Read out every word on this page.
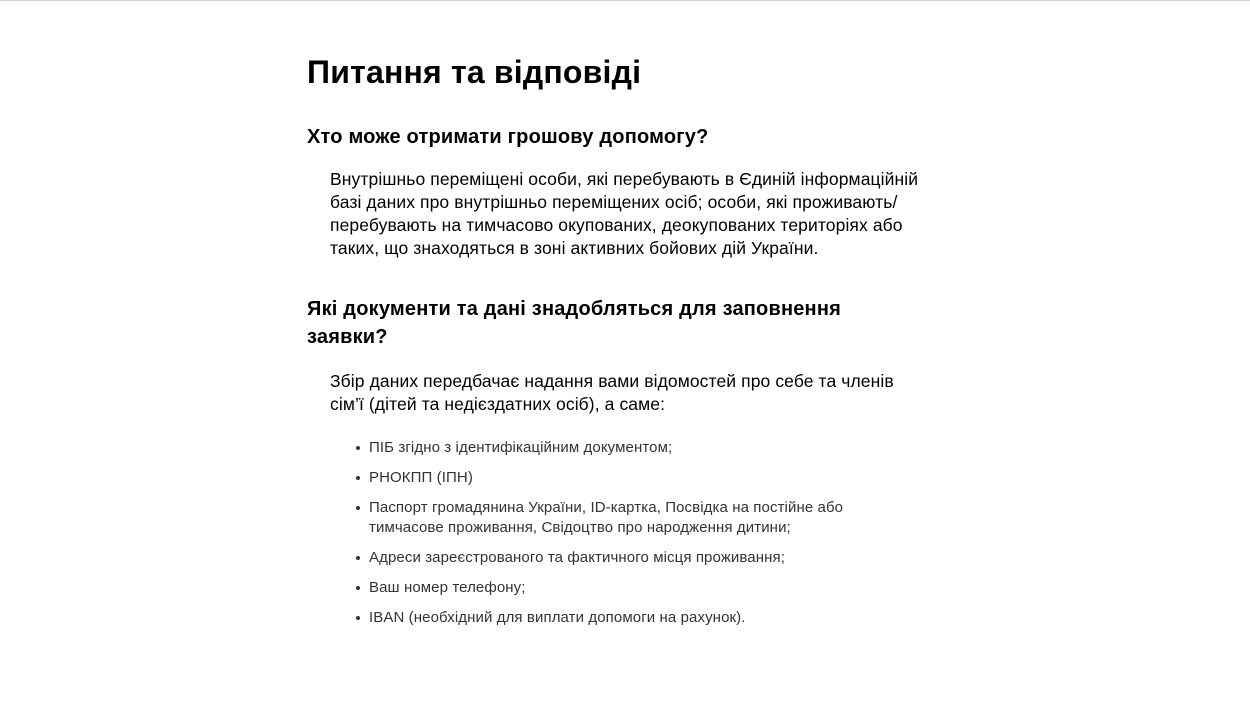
Питання та відповіді
Хто може отримати грошову допомогу?

Внутрішньо переміщені особи, які перебувають в Єдиній інформаційній базі даних про внутрішньо переміщених осіб; особи, які проживають/перебувають на тимчасово окупованих, деокупованих територіях або таких, що знаходяться в зоні активних бойових дій України.

Які документи та дані знадобляться для заповнення заявки?

Збір даних передбачає надання вами відомостей про себе та членів сім’ї (дітей та недієздатних осіб), а саме:

ПІБ згідно з ідентифікаційним документом;
РНОКПП (ІПН)
Паспорт громадянина України, ID-картка, Посвідка на постійне або тимчасове проживання, Свідоцтво про народження дитини;
Адреси зареєстрованого та фактичного місця проживання;
Ваш номер телефону;
IBAN (необхідний для виплати допомоги на рахунок).
